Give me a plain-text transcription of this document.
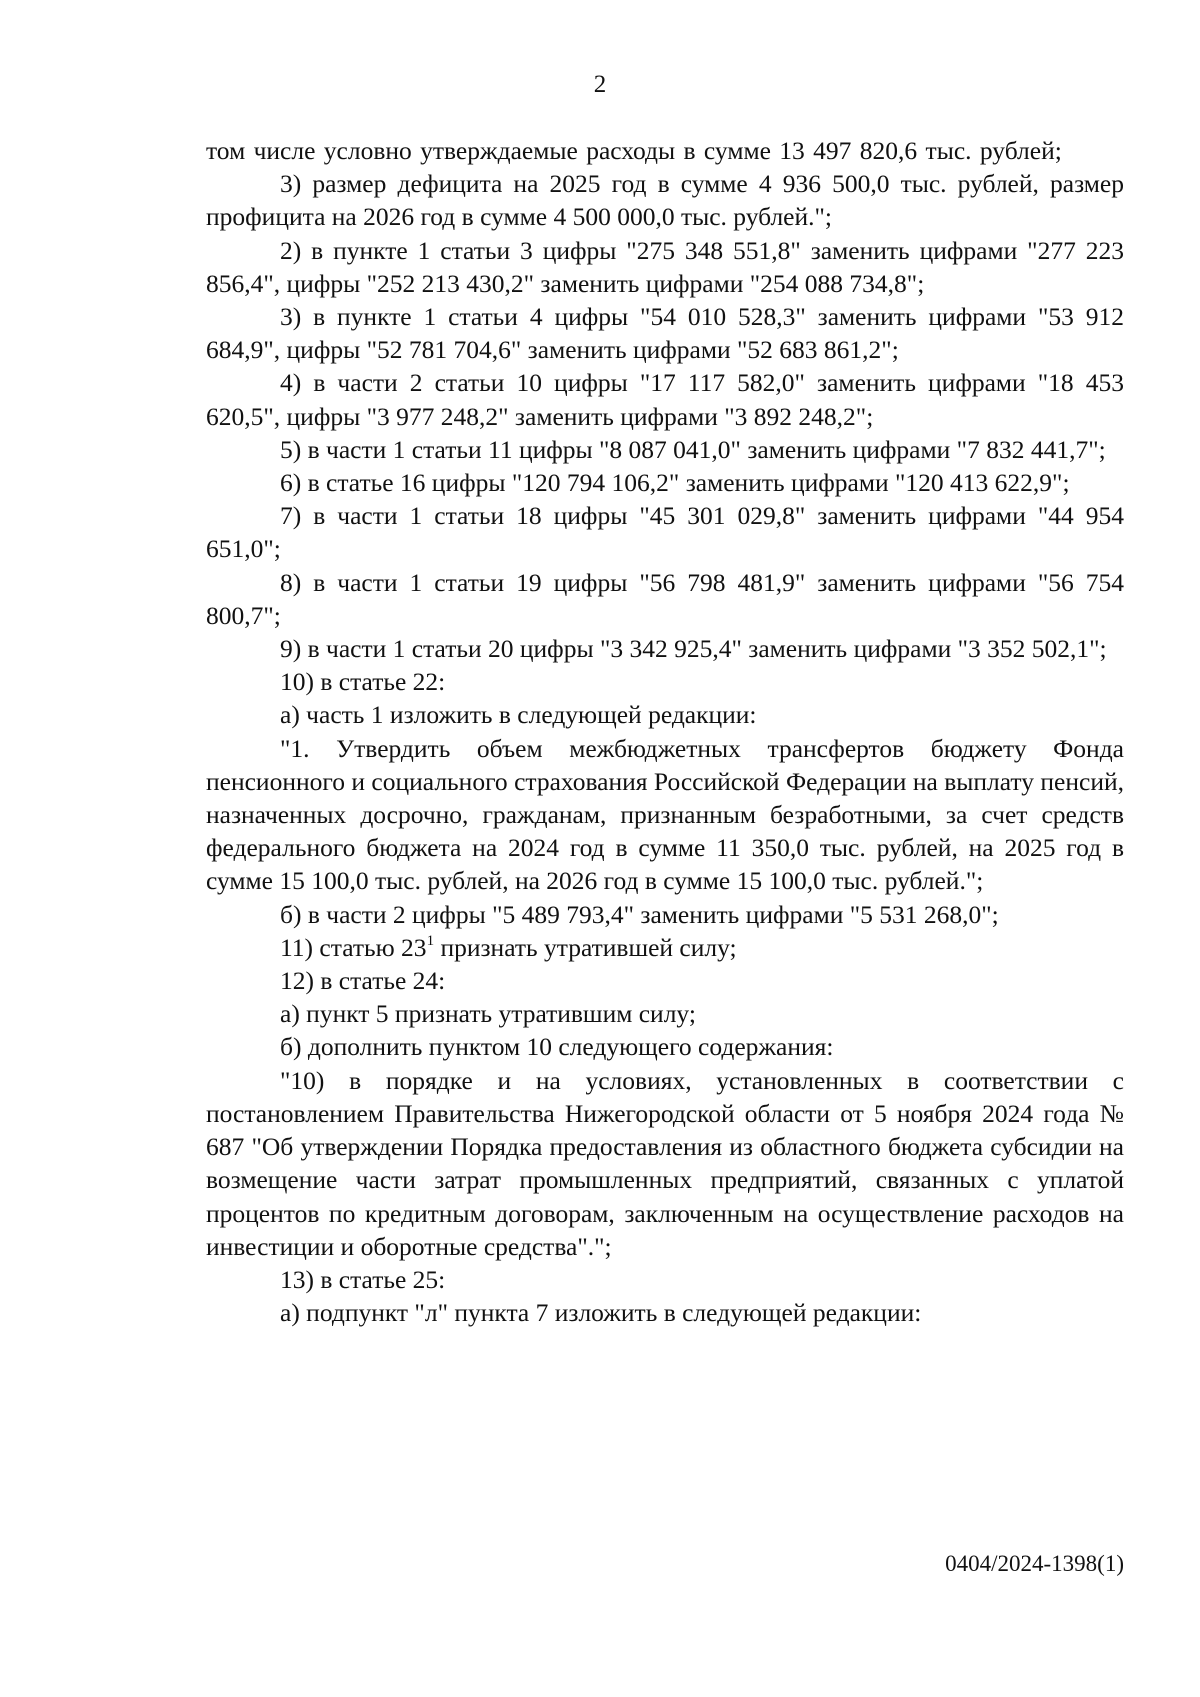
2

том числе условно утверждаемые расходы в сумме 13 497 820,6 тыс. рублей;

3) размер дефицита на 2025 год в сумме 4 936 500,0 тыс. рублей, размер профицита на 2026 год в сумме 4 500 000,0 тыс. рублей.";

2) в пункте 1 статьи 3 цифры "275 348 551,8" заменить цифрами "277 223 856,4", цифры "252 213 430,2" заменить цифрами "254 088 734,8";

3) в пункте 1 статьи 4 цифры "54 010 528,3" заменить цифрами "53 912 684,9", цифры "52 781 704,6" заменить цифрами "52 683 861,2";

4) в части 2 статьи 10 цифры "17 117 582,0" заменить цифрами "18 453 620,5", цифры "3 977 248,2" заменить цифрами "3 892 248,2";

5) в части 1 статьи 11 цифры "8 087 041,0" заменить цифрами "7 832 441,7";

6) в статье 16 цифры "120 794 106,2" заменить цифрами "120 413 622,9";

7) в части 1 статьи 18 цифры "45 301 029,8" заменить цифрами "44 954 651,0";

8) в части 1 статьи 19 цифры "56 798 481,9" заменить цифрами "56 754 800,7";

9) в части 1 статьи 20 цифры "3 342 925,4" заменить цифрами "3 352 502,1";

10) в статье 22:

а) часть 1 изложить в следующей редакции:

"1. Утвердить объем межбюджетных трансфертов бюджету Фонда пенсионного и социального страхования Российской Федерации на выплату пенсий, назначенных досрочно, гражданам, признанным безработными, за счет средств федерального бюджета на 2024 год в сумме 11 350,0 тыс. рублей, на 2025 год в сумме 15 100,0 тыс. рублей, на 2026 год в сумме 15 100,0 тыс. рублей.";

б) в части 2 цифры "5 489 793,4" заменить цифрами "5 531 268,0";

11) статью $23^1$ признать утратившей силу;

12) в статье 24:

а) пункт 5 признать утратившим силу;

б) дополнить пунктом 10 следующего содержания:

"10) в порядке и на условиях, установленных в соответствии с постановлением Правительства Нижегородской области от 5 ноября 2024 года № 687 "Об утверждении Порядка предоставления из областного бюджета субсидии на возмещение части затрат промышленных предприятий, связанных с уплатой процентов по кредитным договорам, заключенным на осуществление расходов на инвестиции и оборотные средства".";

13) в статье 25:

а) подпункт "л" пункта 7 изложить в следующей редакции:

0404/2024-1398(1)
